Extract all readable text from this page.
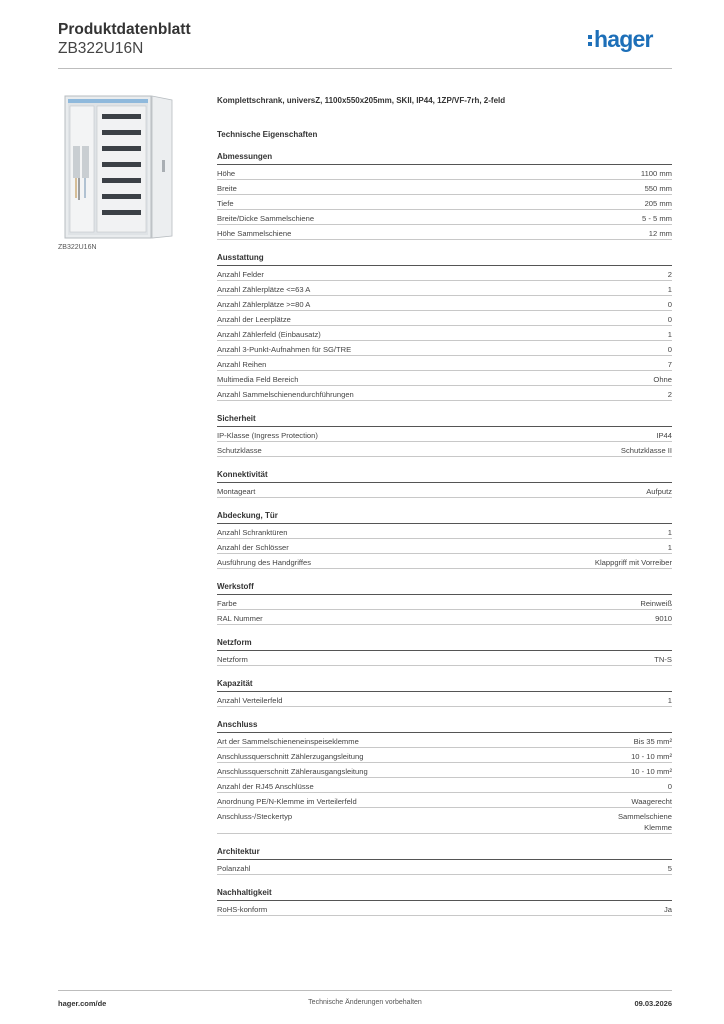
Produktdatenblatt
ZB322U16N	hager
ZB322U16N
Komplettschrank, universZ, 1100x550x205mm, SKII, IP44, 1ZP/VF-7rh, 2-feld
Technische Eigenschaften
Abmessungen
Höhe	1100 mm
Breite	550 mm
Tiefe	205 mm
Breite/Dicke Sammelschiene	5 - 5 mm
Höhe Sammelschiene	12 mm
Ausstattung
Anzahl Felder	2
Anzahl Zählerplätze <=63 A	1
Anzahl Zählerplätze >=80 A	0
Anzahl der Leerplätze	0
Anzahl Zählerfeld (Einbausatz)	1
Anzahl 3-Punkt-Aufnahmen für SG/TRE	0
Anzahl Reihen	7
Multimedia Feld Bereich	Ohne
Anzahl Sammelschienendurchführungen	2
Sicherheit
IP-Klasse (Ingress Protection)	IP44
Schutzklasse	Schutzklasse II
Konnektivität
Montageart	Aufputz
Abdeckung, Tür
Anzahl Schranktüren	1
Anzahl der Schlösser	1
Ausführung des Handgriffes	Klappgriff mit Vorreiber
Werkstoff
Farbe	Reinweiß
RAL Nummer	9010
Netzform
Netzform	TN-S
Kapazität
Anzahl Verteilerfeld	1
Anschluss
Art der Sammelschieneneinspeiseklemme	Bis 35 mm²
Anschlussquerschnitt Zählerzugangsleitung	10 - 10 mm²
Anschlussquerschnitt Zählerausgangsleitung	10 - 10 mm²
Anzahl der RJ45 Anschlüsse	0
Anordnung PE/N-Klemme im Verteilerfeld	Waagerecht
Anschluss-/Steckertyp	Sammelschiene
Klemme
Architektur
Polanzahl	5
Nachhaltigkeit
RoHS-konform	Ja
hager.com/de	Technische Änderungen vorbehalten	09.03.2026
